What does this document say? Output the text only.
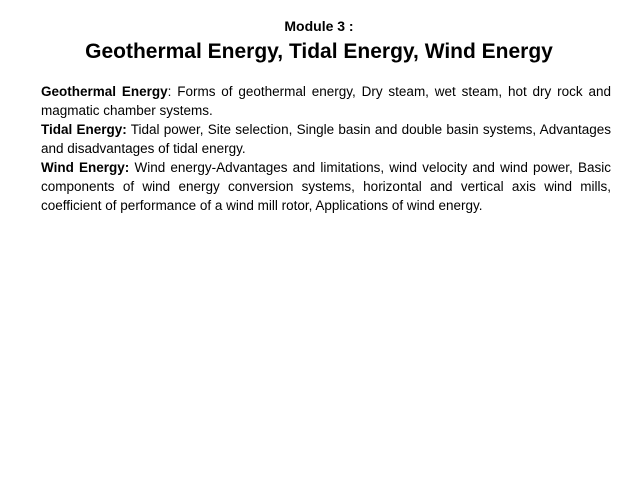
Module 3 :
Geothermal Energy, Tidal Energy, Wind Energy

Geothermal Energy: Forms of geothermal energy, Dry steam, wet steam, hot dry rock and magmatic chamber systems.

Tidal Energy: Tidal power, Site selection, Single basin and double basin systems, Advantages and disadvantages of tidal energy.

Wind Energy: Wind energy-Advantages and limitations, wind velocity and wind power, Basic components of wind energy conversion systems, horizontal and vertical axis wind mills, coefficient of performance of a wind mill rotor, Applications of wind energy.
